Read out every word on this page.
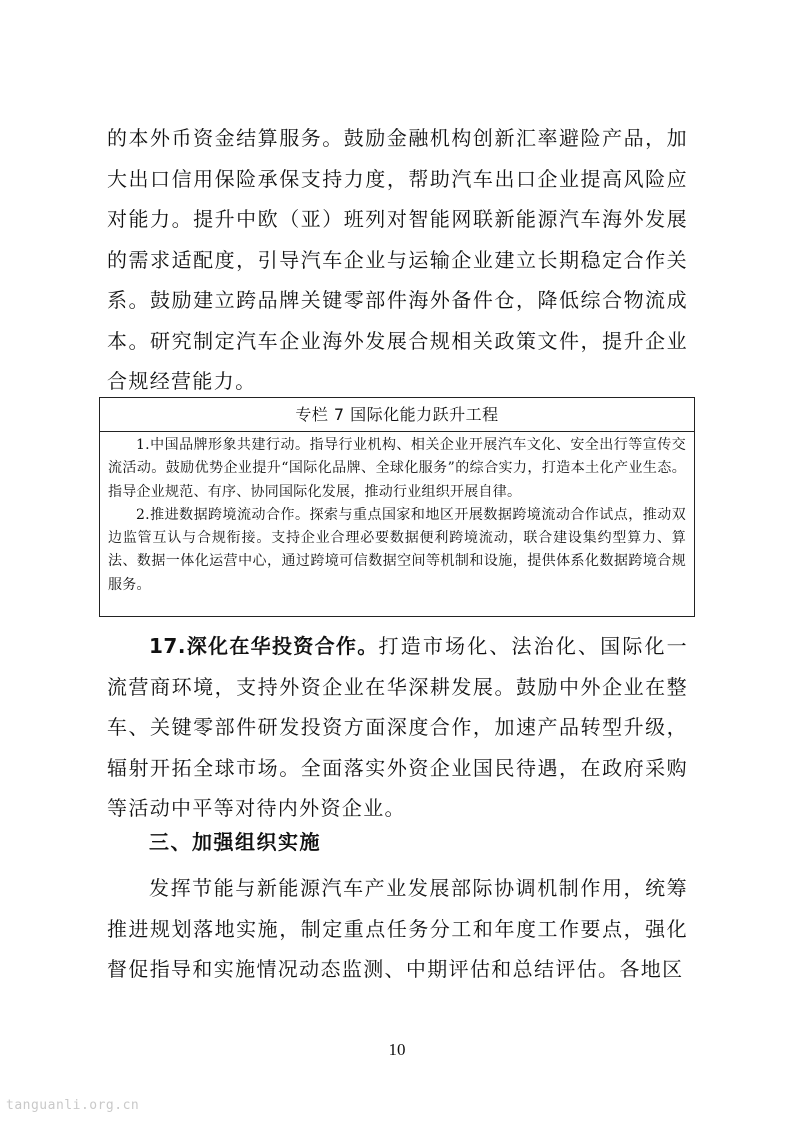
的本外币资金结算服务。鼓励金融机构创新汇率避险产品，加大出口信用保险承保支持力度，帮助汽车出口企业提高风险应对能力。提升中欧（亚）班列对智能网联新能源汽车海外发展的需求适配度，引导汽车企业与运输企业建立长期稳定合作关系。鼓励建立跨品牌关键零部件海外备件仓，降低综合物流成本。研究制定汽车企业海外发展合规相关政策文件，提升企业合规经营能力。

专栏 7 国际化能力跃升工程

1.中国品牌形象共建行动。指导行业机构、相关企业开展汽车文化、安全出行等宣传交流活动。鼓励优势企业提升“国际化品牌、全球化服务”的综合实力，打造本土化产业生态。指导企业规范、有序、协同国际化发展，推动行业组织开展自律。

2.推进数据跨境流动合作。探索与重点国家和地区开展数据跨境流动合作试点，推动双边监管互认与合规衔接。支持企业合理必要数据便利跨境流动，联合建设集约型算力、算法、数据一体化运营中心，通过跨境可信数据空间等机制和设施，提供体系化数据跨境合规服务。

17.深化在华投资合作。打造市场化、法治化、国际化一流营商环境，支持外资企业在华深耕发展。鼓励中外企业在整车、关键零部件研发投资方面深度合作，加速产品转型升级，辐射开拓全球市场。全面落实外资企业国民待遇，在政府采购等活动中平等对待内外资企业。

三、加强组织实施

发挥节能与新能源汽车产业发展部际协调机制作用，统筹推进规划落地实施，制定重点任务分工和年度工作要点，强化督促指导和实施情况动态监测、中期评估和总结评估。各地区

10
tanguanli.org.cn
